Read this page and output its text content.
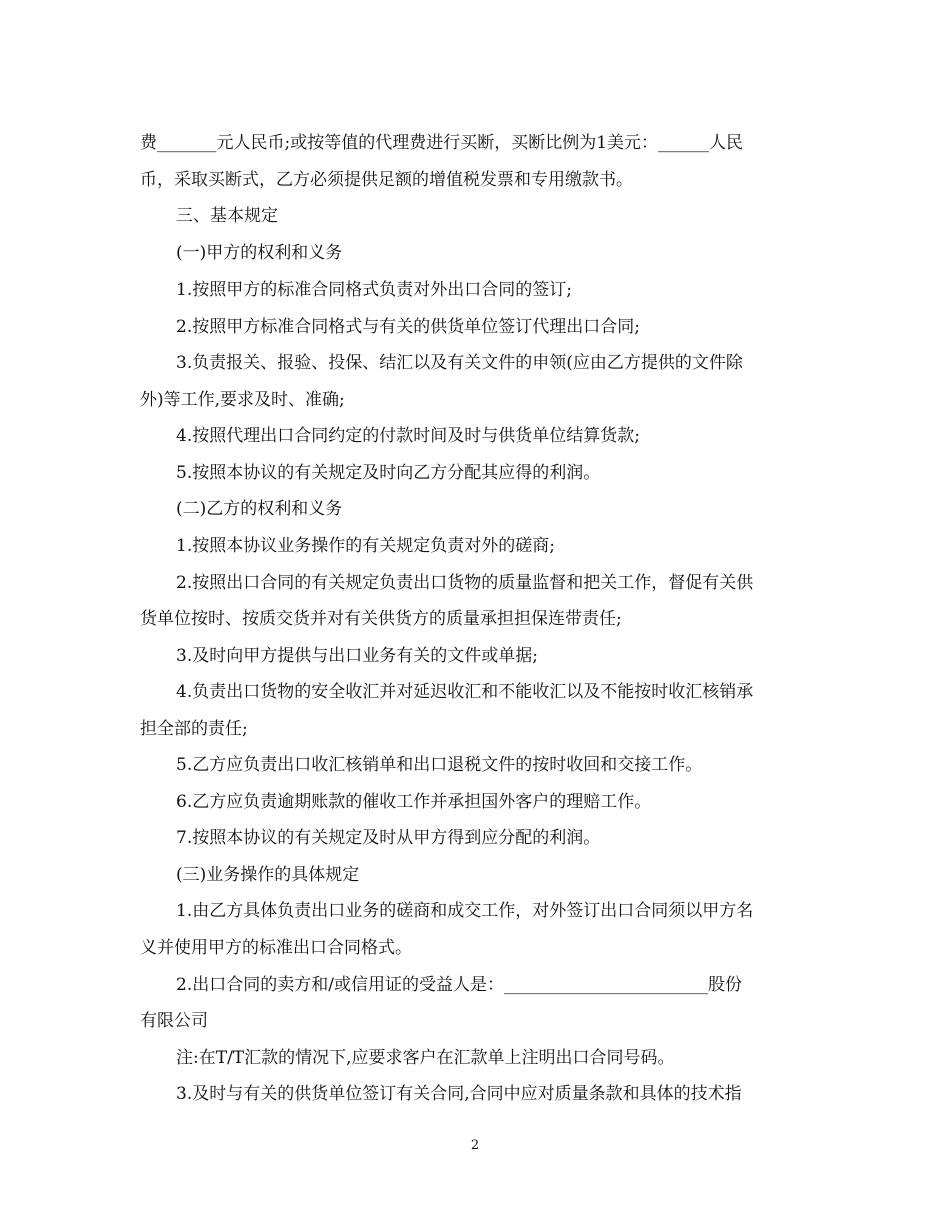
费_______元人民币;或按等值的代理费进行买断，买断比例为1美元：______人民
币，采取买断式，乙方必须提供足额的增值税发票和专用缴款书。
三、基本规定
(一)甲方的权利和义务
1.按照甲方的标准合同格式负责对外出口合同的签订;
2.按照甲方标准合同格式与有关的供货单位签订代理出口合同;
3.负责报关、报验、投保、结汇以及有关文件的申领(应由乙方提供的文件除
外)等工作,要求及时、准确;
4.按照代理出口合同约定的付款时间及时与供货单位结算货款;
5.按照本协议的有关规定及时向乙方分配其应得的利润。
(二)乙方的权利和义务
1.按照本协议业务操作的有关规定负责对外的磋商;
2.按照出口合同的有关规定负责出口货物的质量监督和把关工作，督促有关供
货单位按时、按质交货并对有关供货方的质量承担担保连带责任;
3.及时向甲方提供与出口业务有关的文件或单据;
4.负责出口货物的安全收汇并对延迟收汇和不能收汇以及不能按时收汇核销承
担全部的责任;
5.乙方应负责出口收汇核销单和出口退税文件的按时收回和交接工作。
6.乙方应负责逾期账款的催收工作并承担国外客户的理赔工作。
7.按照本协议的有关规定及时从甲方得到应分配的利润。
(三)业务操作的具体规定
1.由乙方具体负责出口业务的磋商和成交工作，对外签订出口合同须以甲方名
义并使用甲方的标准出口合同格式。
2.出口合同的卖方和/或信用证的受益人是：________________________股份
有限公司
注:在T/T汇款的情况下,应要求客户在汇款单上注明出口合同号码。
3.及时与有关的供货单位签订有关合同,合同中应对质量条款和具体的技术指
2
